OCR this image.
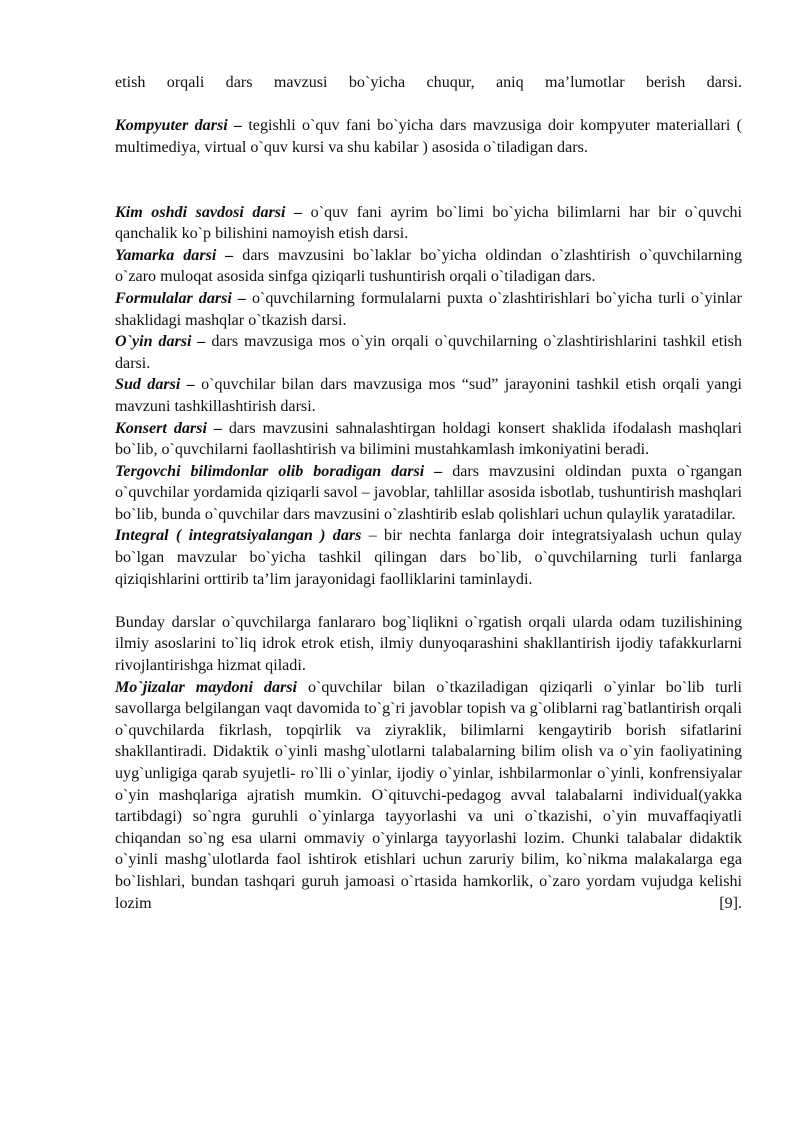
etish orqali dars mavzusi bo`yicha chuqur, aniq ma’lumotlar berish darsi.

Kompyuter darsi – tegishli o`quv fani bo`yicha dars mavzusiga doir kompyuter materiallari ( multimediya, virtual o`quv kursi va shu kabilar ) asosida o`tiladigan dars.

Kim oshdi savdosi darsi – o`quv fani ayrim bo`limi bo`yicha bilimlarni har bir o`quvchi qanchalik ko`p bilishini namoyish etish darsi.

Yamarka darsi – dars mavzusini bo`laklar bo`yicha oldindan o`zlashtirish o`quvchilarning o`zaro muloqat asosida sinfga qiziqarli tushuntirish orqali o`tiladigan dars.

Formulalar darsi – o`quvchilarning formulalarni puxta o`zlashtirishlari bo`yicha turli o`yinlar shaklidagi mashqlar o`tkazish darsi.

O`yin darsi – dars mavzusiga mos o`yin orqali o`quvchilarning o`zlashtirishlarini tashkil etish darsi.

Sud darsi – o`quvchilar bilan dars mavzusiga mos “sud” jarayonini tashkil etish orqali yangi mavzuni tashkillashtirish darsi.

Konsert darsi – dars mavzusini sahnalashtirgan holdagi konsert shaklida ifodalash mashqlari bo`lib, o`quvchilarni faollashtirish va bilimini mustahkamlash imkoniyatini beradi.

Tergovchi bilimdonlar olib boradigan darsi – dars mavzusini oldindan puxta o`rgangan o`quvchilar yordamida qiziqarli savol – javoblar, tahlillar asosida isbotlab, tushuntirish mashqlari bo`lib, bunda o`quvchilar dars mavzusini o`zlashtirib eslab qolishlari uchun qulaylik yaratadilar.

Integral ( integratsiyalangan ) dars – bir nechta fanlarga doir integratsiyalash uchun qulay bo`lgan mavzular bo`yicha tashkil qilingan dars bo`lib, o`quvchilarning turli fanlarga qiziqishlarini orttirib ta’lim jarayonidagi faolliklarini taminlaydi.

Bunday darslar o`quvchilarga fanlararo bog`liqlikni o`rgatish orqali ularda odam tuzilishining ilmiy asoslarini to`liq idrok etrok etish, ilmiy dunyoqarashini shakllantirish ijodiy tafakkurlarni rivojlantirishga hizmat qiladi.

Mo`jizalar maydoni darsi o`quvchilar bilan o`tkaziladigan qiziqarli o`yinlar bo`lib turli savollarga belgilangan vaqt davomida to`g`ri javoblar topish va g`oliblarni rag`batlantirish orqali o`quvchilarda fikrlash, topqirlik va ziyraklik, bilimlarni kengaytirib borish sifatlarini shakllantiradi. Didaktik o`yinli mashg`ulotlarni talabalarning bilim olish va o`yin faoliyatining uyg`unligiga qarab syujetli- ro`lli o`yinlar, ijodiy o`yinlar, ishbilarmonlar o`yinli, konfrensiyalar o`yin mashqlariga ajratish mumkin. O`qituvchi-pedagog avval talabalarni individual(yakka tartibdagi) so`ngra guruhli o`yinlarga tayyorlashi va uni o`tkazishi, o`yin muvaffaqiyatli chiqandan so`ng esa ularni ommaviy o`yinlarga tayyorlashi lozim. Chunki talabalar didaktik o`yinli mashg`ulotlarda faol ishtirok etishlari uchun zaruriy bilim, ko`nikma malakalarga ega bo`lishlari, bundan tashqari guruh jamoasi o`rtasida hamkorlik, o`zaro yordam vujudga kelishi lozim [9].
